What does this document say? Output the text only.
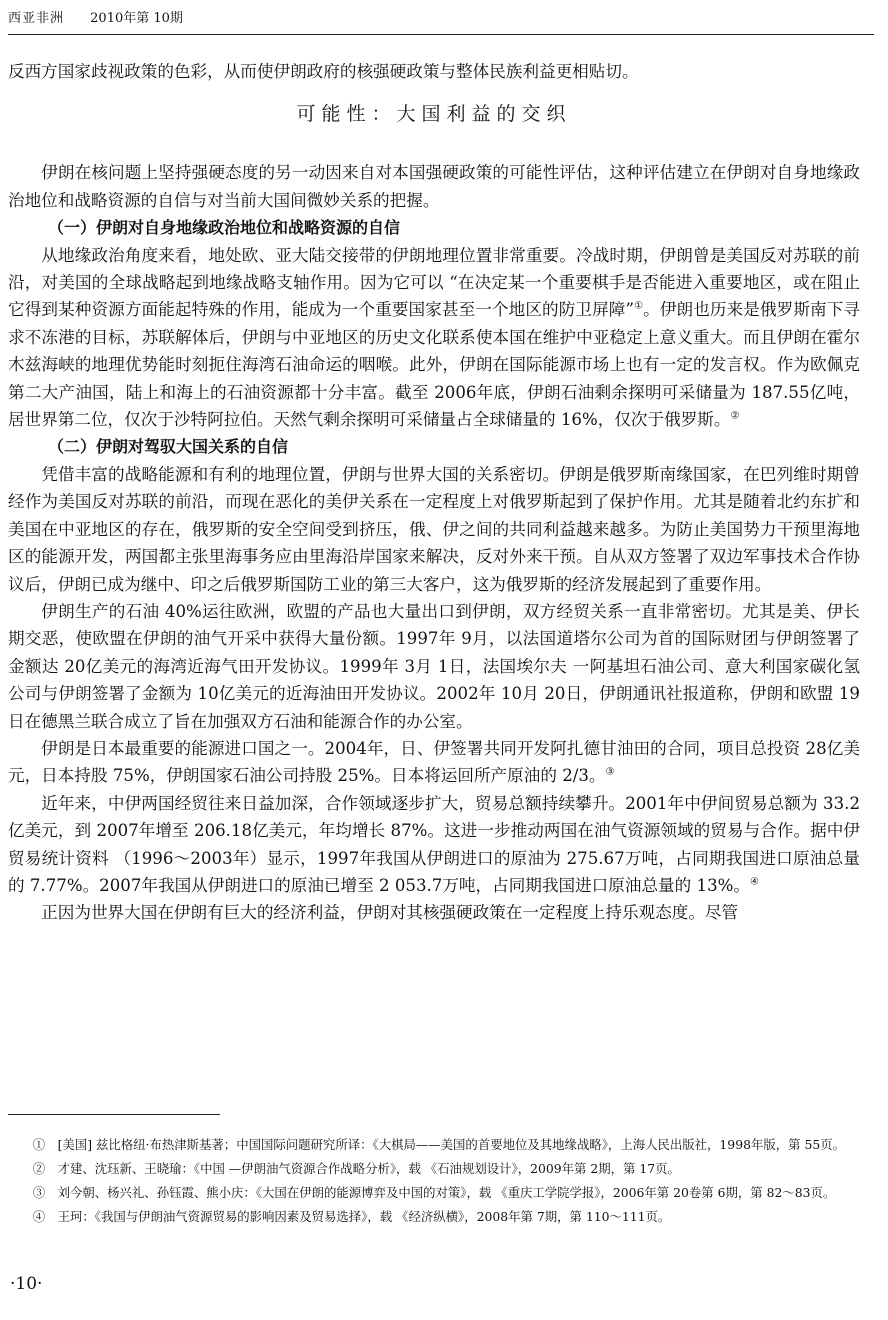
西亚非洲 2010年第 10期

反西方国家歧视政策的色彩，从而使伊朗政府的核强硬政策与整体民族利益更相贴切。

可能性：大国利益的交织

伊朗在核问题上坚持强硬态度的另一动因来自对本国强硬政策的可能性评估，这种评估建立在伊朗对自身地缘政治地位和战略资源的自信与对当前大国间微妙关系的把握。

（一）伊朗对自身地缘政治地位和战略资源的自信

从地缘政治角度来看，地处欧、亚大陆交接带的伊朗地理位置非常重要。冷战时期，伊朗曾是美国反对苏联的前沿，对美国的全球战略起到地缘战略支轴作用。因为它可以 “在决定某一个重要棋手是否能进入重要地区，或在阻止它得到某种资源方面能起特殊的作用，能成为一个重要国家甚至一个地区的防卫屏障”①。伊朗也历来是俄罗斯南下寻求不冻港的目标，苏联解体后，伊朗与中亚地区的历史文化联系使本国在维护中亚稳定上意义重大。而且伊朗在霍尔木兹海峡的地理优势能时刻扼住海湾石油命运的咽喉。此外，伊朗在国际能源市场上也有一定的发言权。作为欧佩克第二大产油国，陆上和海上的石油资源都十分丰富。截至 2006年底，伊朗石油剩余探明可采储量为 187.55亿吨，居世界第二位，仅次于沙特阿拉伯。天然气剩余探明可采储量占全球储量的 16%，仅次于俄罗斯。②

（二）伊朗对驾驭大国关系的自信

凭借丰富的战略能源和有利的地理位置，伊朗与世界大国的关系密切。伊朗是俄罗斯南缘国家，在巴列维时期曾经作为美国反对苏联的前沿，而现在恶化的美伊关系在一定程度上对俄罗斯起到了保护作用。尤其是随着北约东扩和美国在中亚地区的存在，俄罗斯的安全空间受到挤压，俄、伊之间的共同利益越来越多。为防止美国势力干预里海地区的能源开发，两国都主张里海事务应由里海沿岸国家来解决，反对外来干预。自从双方签署了双边军事技术合作协议后，伊朗已成为继中、印之后俄罗斯国防工业的第三大客户，这为俄罗斯的经济发展起到了重要作用。

伊朗生产的石油 40%运往欧洲，欧盟的产品也大量出口到伊朗，双方经贸关系一直非常密切。尤其是美、伊长期交恶，使欧盟在伊朗的油气开采中获得大量份额。1997年 9月，以法国道塔尔公司为首的国际财团与伊朗签署了金额达 20亿美元的海湾近海气田开发协议。1999年 3月 1日，法国埃尔夫 一阿基坦石油公司、意大利国家碳化氢公司与伊朗签署了金额为 10亿美元的近海油田开发协议。2002年 10月 20日，伊朗通讯社报道称，伊朗和欧盟 19日在德黑兰联合成立了旨在加强双方石油和能源合作的办公室。

伊朗是日本最重要的能源进口国之一。2004年，日、伊签署共同开发阿扎德甘油田的合同，项目总投资 28亿美元，日本持股 75%，伊朗国家石油公司持股 25%。日本将运回所产原油的 2/3。③

近年来，中伊两国经贸往来日益加深，合作领域逐步扩大，贸易总额持续攀升。2001年中伊间贸易总额为 33.2亿美元，到 2007年增至 206.18亿美元，年均增长 87%。这进一步推动两国在油气资源领域的贸易与合作。据中伊贸易统计资料 （1996～2003年）显示，1997年我国从伊朗进口的原油为 275.67万吨，占同期我国进口原油总量的 7.77%。2007年我国从伊朗进口的原油已增至 2 053.7万吨，占同期我国进口原油总量的 13%。④

正因为世界大国在伊朗有巨大的经济利益，伊朗对其核强硬政策在一定程度上持乐观态度。尽管

①　[美国] 兹比格纽·布热津斯基著；中国国际问题研究所译：《大棋局——美国的首要地位及其地缘战略》，上海人民出版社，1998年版，第 55页。

②　才建、沈珏新、王晓瑜：《中国 —伊朗油气资源合作战略分析》，载 《石油规划设计》，2009年第 2期，第 17页。

③　刘今朝、杨兴礼、孙钰霞、熊小庆：《大国在伊朗的能源博弈及中国的对策》，载 《重庆工学院学报》，2006年第 20卷第 6期，第 82～83页。

④　王珂：《我国与伊朗油气资源贸易的影响因素及贸易选择》，载 《经济纵横》，2008年第 7期，第 110～111页。

·10·
